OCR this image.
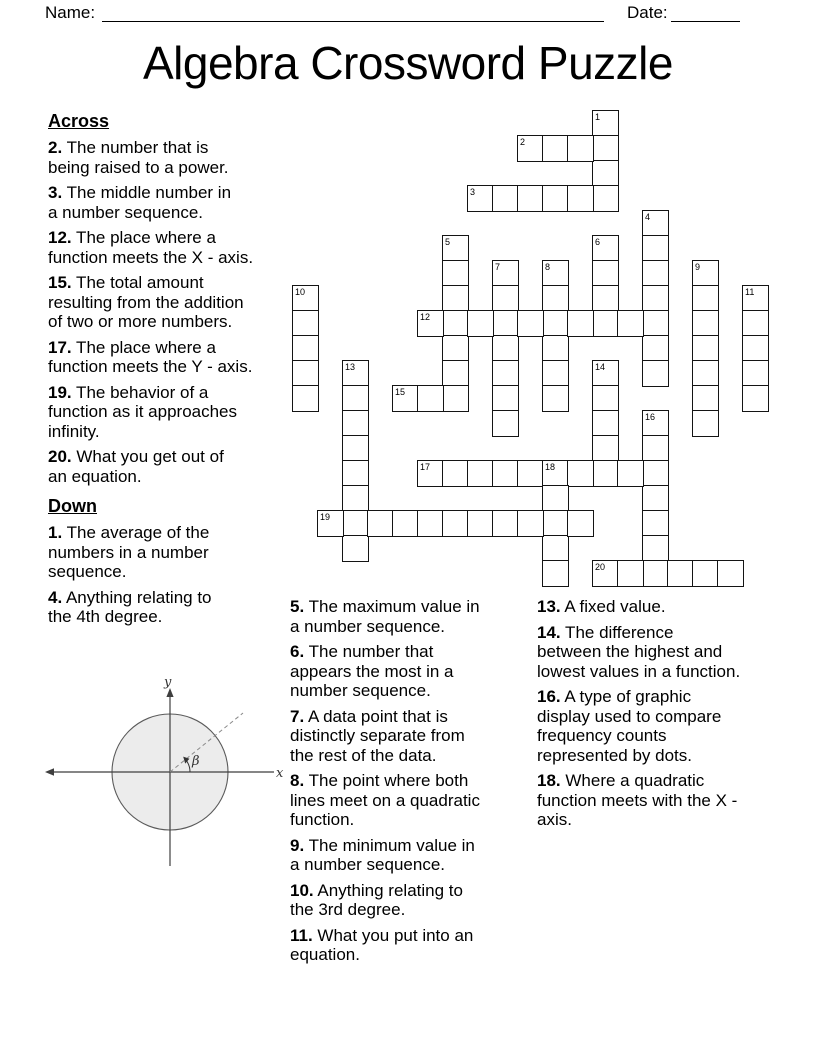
Name:	Date:
Algebra Crossword Puzzle

Across

2. The number that is
being raised to a power.

3. The middle number in
a number sequence.

12. The place where a
function meets the X - axis.

15. The total amount
resulting from the addition
of two or more numbers.

17. The place where a
function meets the Y - axis.

19. The behavior of a
function as it approaches
infinity.

20. What you get out of
an equation.

Down

1. The average of the
numbers in a number
sequence.

4. Anything relating to
the 4th degree.

1
2
3
4
5	6
7	8	9
10	11
12
13	14
15
16
17	18
19
20

5. The maximum value in
a number sequence.

6. The number that
appears the most in a
number sequence.

7. A data point that is
distinctly separate from
the rest of the data.

8. The point where both
lines meet on a quadratic
function.

9. The minimum value in
a number sequence.

10. Anything relating to
the 3rd degree.

11. What you put into an
equation.

13. A fixed value.

14. The difference
between the highest and
lowest values in a function.

16. A type of graphic
display used to compare
frequency counts
represented by dots.

18. Where a quadratic
function meets with the X -
axis.

x
y
β
